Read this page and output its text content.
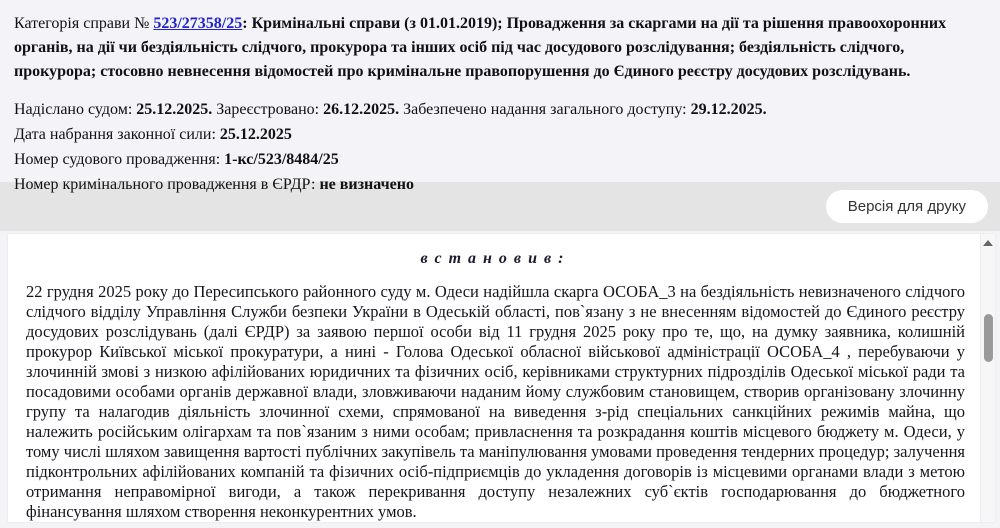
Категорія справи № 523/27358/25: Кримінальні справи (з 01.01.2019); Провадження за скаргами на дії та рішення правоохоронних органів, на дії чи бездіяльність слідчого, прокурора та інших осіб під час досудового розслідування; бездіяльність слідчого, прокурора; стосовно невнесення відомостей про кримінальне правопорушення до Єдиного реєстру досудових розслідувань.

Надіслано судом: 25.12.2025. Зареєстровано: 26.12.2025. Забезпечено надання загального доступу: 29.12.2025.

Дата набрання законної сили: 25.12.2025

Номер судового провадження: 1-кс/523/8484/25

Номер кримінального провадження в ЄРДР: не визначено

Версія для друку

встановив:

22 грудня 2025 року до Пересипського районного суду м. Одеси надійшла скарга ОСОБА_3 на бездіяльність невизначеного слідчого слідчого відділу Управління Служби безпеки України в Одеській області, пов`язану з не внесенням відомостей до Єдиного реєстру досудових розслідувань (далі ЄРДР) за заявою першої особи від 11 грудня 2025 року про те, що, на думку заявника, колишній прокурор Київської міської прокуратури, а нині - Голова Одеської обласної військової адміністрації ОСОБА_4 , перебуваючи у злочинній змові з низкою афілійованих юридичних та фізичних осіб, керівниками структурних підрозділів Одеської міської ради та посадовими особами органів державної влади, зловживаючи наданим йому службовим становищем, створив організовану злочинну групу та налагодив діяльність злочинної схеми, спрямованої на виведення з-рід спеціальних санкційних режимів майна, що належить російським олігархам та пов`язаним з ними особам; привласнення та розкрадання коштів місцевого бюджету м. Одеси, у тому числі шляхом завищення вартості публічних закупівель та маніпулювання умовами проведення тендерних процедур; залучення підконтрольних афілійованих компаній та фізичних осіб-підприємців до укладення договорів із місцевими органами влади з метою отримання неправомірної вигоди, а також перекривання доступу незалежних суб`єктів господарювання до бюджетного фінансування шляхом створення неконкурентних умов.
